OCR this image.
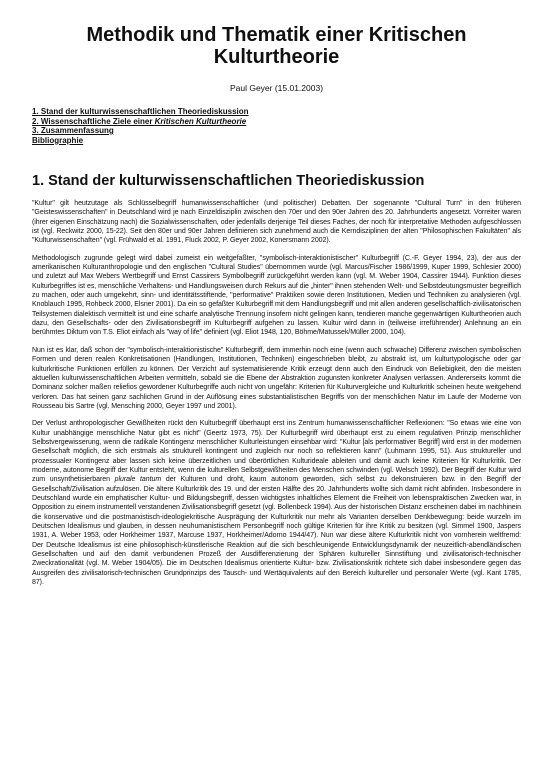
Methodik und Thematik einer Kritischen Kulturtheorie
Paul Geyer (15.01.2003)
1. Stand der kulturwissenschaftlichen Theoriediskussion
2. Wissenschaftliche Ziele einer Kritischen Kulturtheorie
3. Zusammenfassung
Bibliographie
1. Stand der kulturwissenschaftlichen Theoriediskussion

"Kultur" gilt heutzutage als Schlüsselbegriff humanwissenschaftlicher (und politischer) Debatten. Der sogenannte "Cultural Turn" in den früheren "Geisteswissenschaften" in Deutschland wird je nach Einzeldisziplin zwischen den 70er und den 90er Jahren des 20. Jahrhunderts angesetzt. Vorreiter waren (ihrer eigenen Einschätzung nach) die Sozialwissenschaften, oder jedenfalls derjenige Teil dieses Faches, der noch für interpretative Methoden aufgeschlossen ist (vgl. Reckwitz 2000, 15-22). Seit den 80er und 90er Jahren definieren sich zunehmend auch die Kerndisziplinen der alten "Philosophischen Fakultäten" als "Kulturwissenschaften" (vgl. Frühwald et al. 1991, Fluck 2002, P. Geyer 2002, Konersmann 2002).

Methodologisch zugrunde gelegt wird dabei zumeist ein weitgefaßter, "symbolisch-interaktionistischer" Kulturbegriff (C.-F. Geyer 1994, 23), der aus der amerikanischen Kulturanthropologie und den englischen "Cultural Studies" übernommen wurde (vgl. Marcus/Fischer 1986/1999, Kuper 1999, Schlesier 2000) und zuletzt auf Max Webers Wertbegriff und Ernst Cassirers Symbolbegriff zurückgeführt werden kann (vgl. M. Weber 1904, Cassirer 1944). Funktion dieses Kulturbegriffes ist es, menschliche Verhaltens- und Handlungsweisen durch Rekurs auf die „hinter" ihnen stehenden Welt- und Selbstdeutungsmuster begreiflich zu machen, oder auch umgekehrt, sinn- und identitätsstiftende, "performative" Praktiken sowie deren Institutionen, Medien und Techniken zu analysieren (vgl. Knoblauch 1995, Rohbeck 2000, Elsner 2001). Da ein so gefaßter Kulturbegriff mit dem Handlungsbegriff und mit allen anderen gesellschaftlich-zivilisatorischen Teilsystemen dialektisch vermittelt ist und eine scharfe analytische Trennung insofern nicht gelingen kann, tendieren manche gegenwärtigen Kulturtheorien auch dazu, den Gesellschafts- oder den Zivilisationsbegriff im Kulturbegriff aufgehen zu lassen. Kultur wird dann in (teilweise irreführender) Anlehnung an ein berühmtes Diktum von T.S. Eliot einfach als "way of life" definiert (vgl. Eliot 1948, 120, Böhme/Matussek/Müller 2000, 104).

Nun ist es klar, daß schon der "symbolisch-interaktionistische" Kulturbegriff, dem immerhin noch eine (wenn auch schwache) Differenz zwischen symbolischen Formen und deren realen Konkretisationen (Handlungen, Institutionen, Techniken) eingeschrieben bleibt, zu abstrakt ist, um kulturtypologische oder gar kulturkritische Funktionen erfüllen zu können. Der Verzicht auf systematisierende Kritik erzeugt denn auch den Eindruck von Beliebigkeit, den die meisten aktuellen kulturwissenschaftlichen Arbeiten vermitteln, sobald sie die Ebene der Abstraktion zugunsten konkreter Analysen verlassen. Andererseits kommt die Dominanz solcher maßen reliefios gewordener Kulturbegriffe auch nicht von ungefähr: Kriterien für Kulturvergleiche und Kulturkritik scheinen heute weitgehend verloren. Das hat seinen ganz sachlichen Grund in der Auflösung eines substantialistischen Begriffs von der menschlichen Natur im Laufe der Moderne von Rousseau bis Sartre (vgl. Mensching 2000, Geyer 1997 und 2001).

Der Verlust anthropologischer Gewißheiten rückt den Kulturbegriff überhaupt erst ins Zentrum humanwissenschaftlicher Reflexionen: "So etwas wie eine von Kultur unabhängige menschliche Natur gibt es nicht" (Geertz 1973, 75). Der Kulturbegriff wird überhaupt erst zu einem regulativen Prinzip menschlicher Selbstvergewisserung, wenn die radikale Kontingenz menschlicher Kulturleistungen einsehbar wird: "Kultur [als performativer Begriff] wird erst in der modernen Gesellschaft möglich, die sich erstmals als strukturell kontingent und zugleich nur noch so reflektieren kann" (Luhmann 1995, 51). Aus struktureller und prozessualer Kontingenz aber lassen sich keine überzeitlichen und überörtlichen Kulturideale ableiten und damit auch keine Kriterien für Kulturkritik. Der moderne, autonome Begriff der Kultur entsteht, wenn die kulturellen Selbstgewißheiten des Menschen schwinden (vgl. Welsch 1992). Der Begriff der Kultur wird zum unsynthetisierbaren plurale tantum der Kulturen und droht, kaum autonom geworden, sich selbst zu dekonstruieren bzw. in den Begriff der Gesellschaft/Zivilisation aufzulösen. Die ältere Kulturkritik des 19. und der ersten Hälfte des 20. Jahrhunderts wollte sich damit nicht abfinden. Insbesondere in Deutschland wurde ein emphatischer Kultur- und Bildungsbegriff, dessen wichtigstes inhaltliches Element die Freiheit von lebenspraktischen Zwecken war, in Opposition zu einem instrumentell verstandenen Zivilisationsbegriff gesetzt (vgl. Bollenbeck 1994). Aus der historischen Distanz erscheinen dabei im nachhinein die konservative und die postmarxistisch-ideologiekritische Ausprägung der Kulturkritik nur mehr als Varianten derselben Denkbewegung: beide wurzeln im Deutschen Idealismus und glauben, in dessen neuhumanistischem Personbegriff noch gültige Kriterien für ihre Kritik zu besitzen (vgl. Simmel 1900, Jaspers 1931, A. Weber 1953, oder Horkheimer 1937, Marcuse 1937, Horkheimer/Adorno 1944/47). Nun war diese ältere Kulturkritik nicht von vornherein weltfremd: Der Deutsche Idealismus ist eine philosophisch-künstlerische Reaktion auf die sich beschleunigende Entwicklungsdynamik der neuzeitlich-abendländischen Gesellschaften und auf den damit verbundenen Prozeß der Ausdifferenzierung der Sphären kultureller Sinnstiftung und zivilisatorisch-technischer Zweckrationalität (vgl. M. Weber 1904/05). Die im Deutschen Idealismus orientierte Kultur- bzw. Zivilisationskritik richtete sich dabei insbesondere gegen das Ausgreifen des zivilisatorisch-technischen Grundprinzips des Tausch- und Wertäquivalents auf den Bereich kultureller und personaler Werte (vgl. Kant 1785, 87).
